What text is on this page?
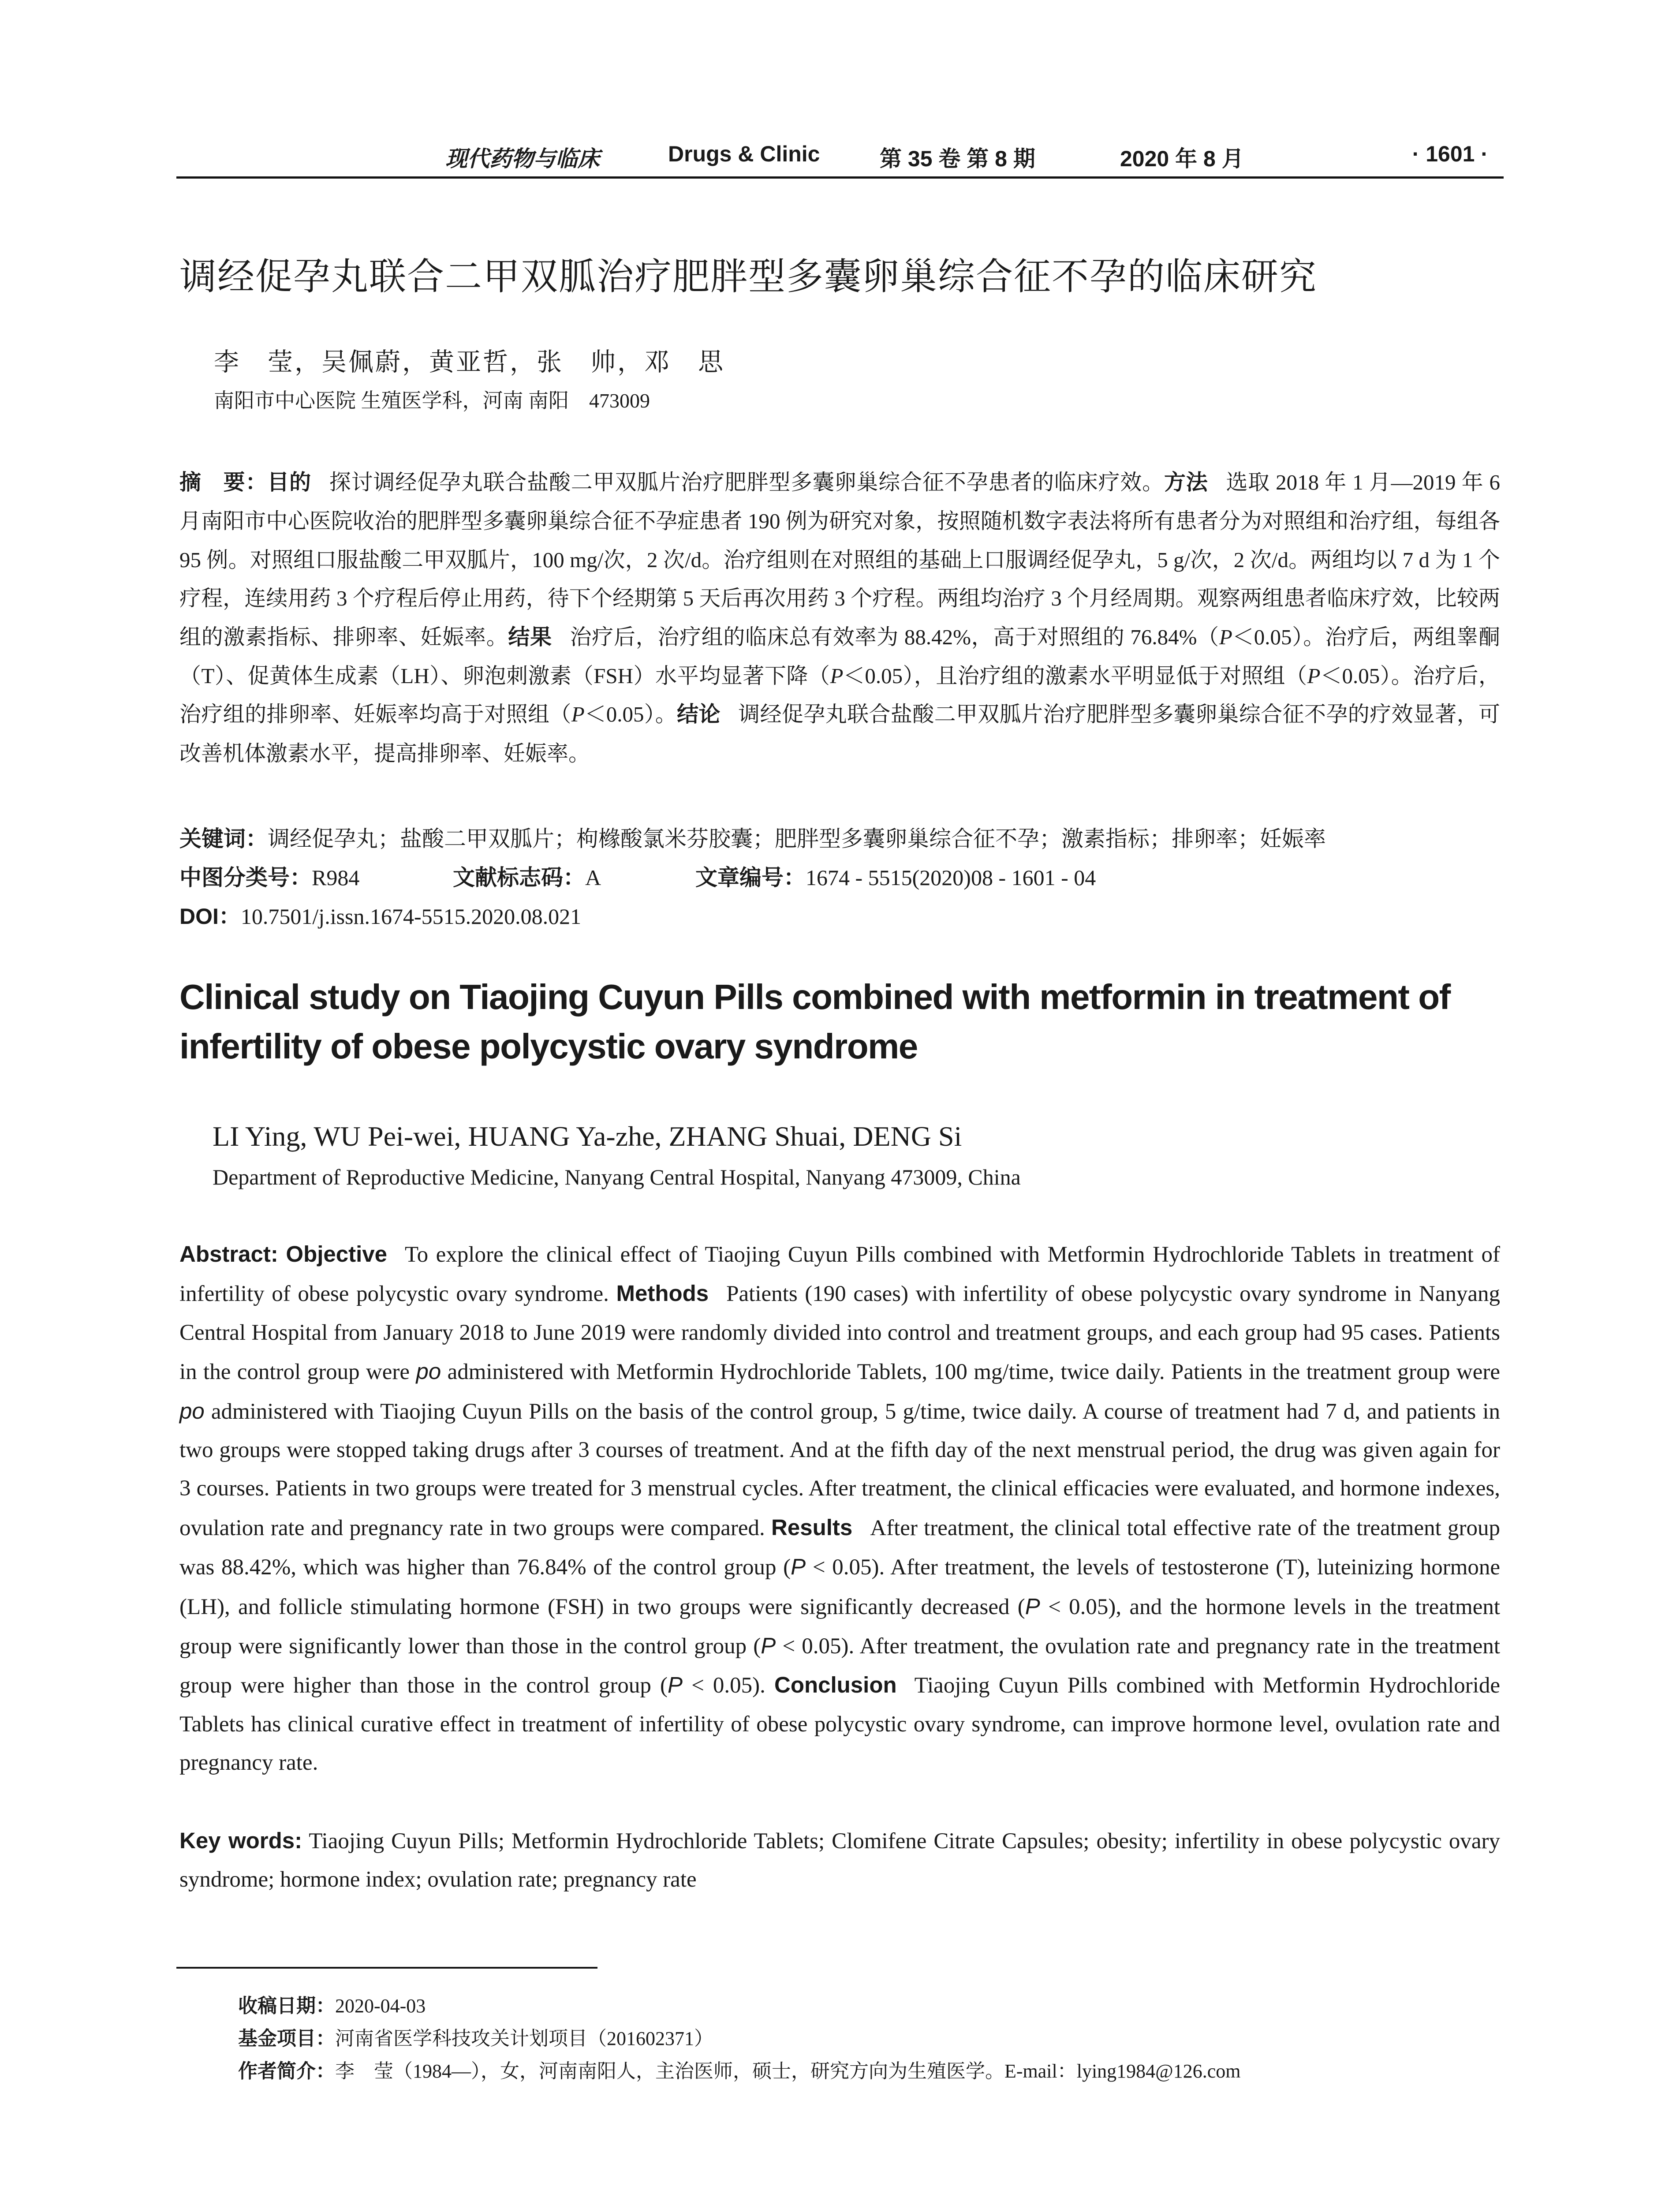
现代药物与临床	Drugs & Clinic	第 35 卷 第 8 期	2020 年 8 月	· 1601 ·
调经促孕丸联合二甲双胍治疗肥胖型多囊卵巢综合征不孕的临床研究
李　莹，吴佩蔚，黄亚哲，张　帅，邓　思
南阳市中心医院 生殖医学科，河南 南阳　473009
摘　要：目的 探讨调经促孕丸联合盐酸二甲双胍片治疗肥胖型多囊卵巢综合征不孕患者的临床疗效。方法 选取 2018 年 1 月—2019 年 6 月南阳市中心医院收治的肥胖型多囊卵巢综合征不孕症患者 190 例为研究对象，按照随机数字表法将所有患者分为对照组和治疗组，每组各 95 例。对照组口服盐酸二甲双胍片，100 mg/次，2 次/d。治疗组则在对照组的基础上口服调经促孕丸，5 g/次，2 次/d。两组均以 7 d 为 1 个疗程，连续用药 3 个疗程后停止用药，待下个经期第 5 天后再次用药 3 个疗程。两组均治疗 3 个月经周期。观察两组患者临床疗效，比较两组的激素指标、排卵率、妊娠率。结果 治疗后，治疗组的临床总有效率为 88.42%，高于对照组的 76.84%（P＜0.05）。治疗后，两组睾酮（T）、促黄体生成素（LH）、卵泡刺激素（FSH）水平均显著下降（P＜0.05），且治疗组的激素水平明显低于对照组（P＜0.05）。治疗后，治疗组的排卵率、妊娠率均高于对照组（P＜0.05）。结论 调经促孕丸联合盐酸二甲双胍片治疗肥胖型多囊卵巢综合征不孕的疗效显著，可改善机体激素水平，提高排卵率、妊娠率。
关键词：调经促孕丸；盐酸二甲双胍片；枸橼酸氯米芬胶囊；肥胖型多囊卵巢综合征不孕；激素指标；排卵率；妊娠率
中图分类号：R984	文献标志码：A	文章编号：1674 - 5515(2020)08 - 1601 - 04
DOI：10.7501/j.issn.1674-5515.2020.08.021
Clinical study on Tiaojing Cuyun Pills combined with metformin in treatment of infertility of obese polycystic ovary syndrome
LI Ying, WU Pei-wei, HUANG Ya-zhe, ZHANG Shuai, DENG Si
Department of Reproductive Medicine, Nanyang Central Hospital, Nanyang 473009, China
Abstract: Objective To explore the clinical effect of Tiaojing Cuyun Pills combined with Metformin Hydrochloride Tablets in treatment of infertility of obese polycystic ovary syndrome. Methods Patients (190 cases) with infertility of obese polycystic ovary syndrome in Nanyang Central Hospital from January 2018 to June 2019 were randomly divided into control and treatment groups, and each group had 95 cases. Patients in the control group were po administered with Metformin Hydrochloride Tablets, 100 mg/time, twice daily. Patients in the treatment group were po administered with Tiaojing Cuyun Pills on the basis of the control group, 5 g/time, twice daily. A course of treatment had 7 d, and patients in two groups were stopped taking drugs after 3 courses of treatment. And at the fifth day of the next menstrual period, the drug was given again for 3 courses. Patients in two groups were treated for 3 menstrual cycles. After treatment, the clinical efficacies were evaluated, and hormone indexes, ovulation rate and pregnancy rate in two groups were compared. Results After treatment, the clinical total effective rate of the treatment group was 88.42%, which was higher than 76.84% of the control group (P < 0.05). After treatment, the levels of testosterone (T), luteinizing hormone (LH), and follicle stimulating hormone (FSH) in two groups were significantly decreased (P < 0.05), and the hormone levels in the treatment group were significantly lower than those in the control group (P < 0.05). After treatment, the ovulation rate and pregnancy rate in the treatment group were higher than those in the control group (P < 0.05). Conclusion Tiaojing Cuyun Pills combined with Metformin Hydrochloride Tablets has clinical curative effect in treatment of infertility of obese polycystic ovary syndrome, can improve hormone level, ovulation rate and pregnancy rate.
Key words: Tiaojing Cuyun Pills; Metformin Hydrochloride Tablets; Clomifene Citrate Capsules; obesity; infertility in obese polycystic ovary syndrome; hormone index; ovulation rate; pregnancy rate
收稿日期：2020-04-03
基金项目：河南省医学科技攻关计划项目（201602371）
作者简介：李　莹（1984—），女，河南南阳人，主治医师，硕士，研究方向为生殖医学。E-mail：lying1984@126.com
